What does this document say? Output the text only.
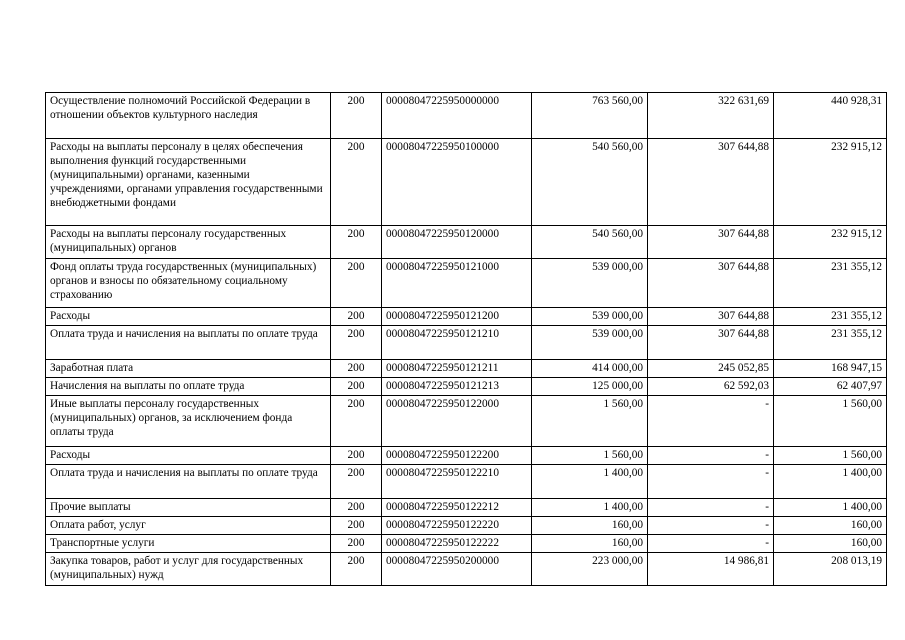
Осуществление полномочий Российской Федерации в отношении объектов культурного наследия	200	00008047225950000000	763 560,00	322 631,69	440 928,31
Расходы на выплаты персоналу в целях обеспечения выполнения функций государственными (муниципальными) органами, казенными учреждениями, органами управления государственными внебюджетными фондами	200	00008047225950100000	540 560,00	307 644,88	232 915,12
Расходы на выплаты персоналу государственных (муниципальных) органов	200	00008047225950120000	540 560,00	307 644,88	232 915,12
Фонд оплаты труда государственных (муниципальных) органов и взносы по обязательному социальному страхованию	200	00008047225950121000	539 000,00	307 644,88	231 355,12
Расходы	200	00008047225950121200	539 000,00	307 644,88	231 355,12
Оплата труда и начисления на выплаты по оплате труда	200	00008047225950121210	539 000,00	307 644,88	231 355,12
Заработная плата	200	00008047225950121211	414 000,00	245 052,85	168 947,15
Начисления на выплаты по оплате труда	200	00008047225950121213	125 000,00	62 592,03	62 407,97
Иные выплаты персоналу государственных (муниципальных) органов, за исключением фонда оплаты труда	200	00008047225950122000	1 560,00	-	1 560,00
Расходы	200	00008047225950122200	1 560,00	-	1 560,00
Оплата труда и начисления на выплаты по оплате труда	200	00008047225950122210	1 400,00	-	1 400,00
Прочие выплаты	200	00008047225950122212	1 400,00	-	1 400,00
Оплата работ, услуг	200	00008047225950122220	160,00	-	160,00
Транспортные услуги	200	00008047225950122222	160,00	-	160,00
Закупка товаров, работ и услуг для государственных (муниципальных) нужд	200	00008047225950200000	223 000,00	14 986,81	208 013,19
